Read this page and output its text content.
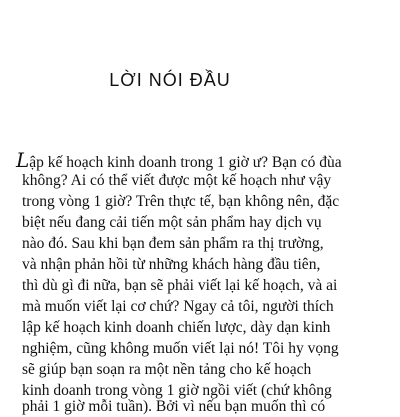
LỜI NÓI ĐẦU
Lập kế hoạch kinh doanh trong 1 giờ ư? Bạn có đùa
không? Ai có thể viết được một kế hoạch như vậy
trong vòng 1 giờ? Trên thực tế, bạn không nên, đặc
biệt nếu đang cải tiến một sản phẩm hay dịch vụ
nào đó. Sau khi bạn đem sản phẩm ra thị trường,
và nhận phản hồi từ những khách hàng đầu tiên,
thì dù gì đi nữa, bạn sẽ phải viết lại kế hoạch, và ai
mà muốn viết lại cơ chứ? Ngay cả tôi, người thích
lập kế hoạch kinh doanh chiến lược, dày dạn kinh
nghiệm, cũng không muốn viết lại nó! Tôi hy vọng
sẽ giúp bạn soạn ra một nền tảng cho kế hoạch
kinh doanh trong vòng 1 giờ ngồi viết (chứ không
phải 1 giờ mỗi tuần). Bởi vì nếu bạn muốn thì có
